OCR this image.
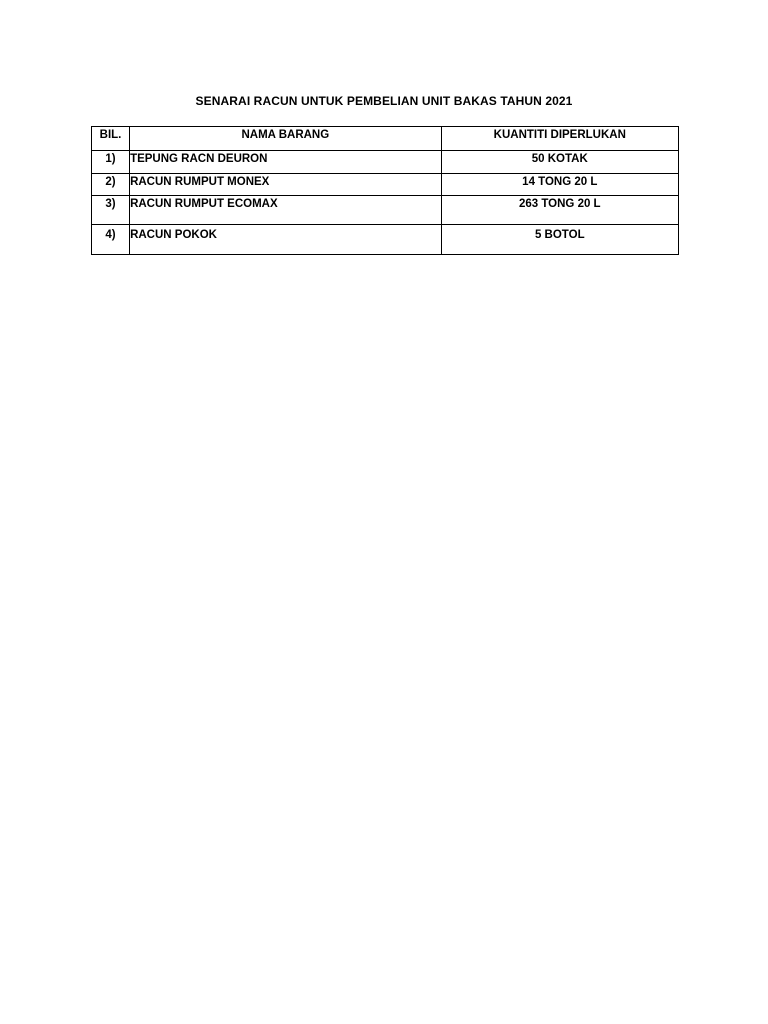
SENARAI RACUN UNTUK PEMBELIAN UNIT BAKAS TAHUN 2021
BIL.	NAMA BARANG	KUANTITI DIPERLUKAN
1)	TEPUNG RACN DEURON	50 KOTAK
2)	RACUN RUMPUT MONEX	14 TONG 20 L
3)	RACUN RUMPUT ECOMAX	263 TONG 20 L
4)	RACUN POKOK	5 BOTOL
